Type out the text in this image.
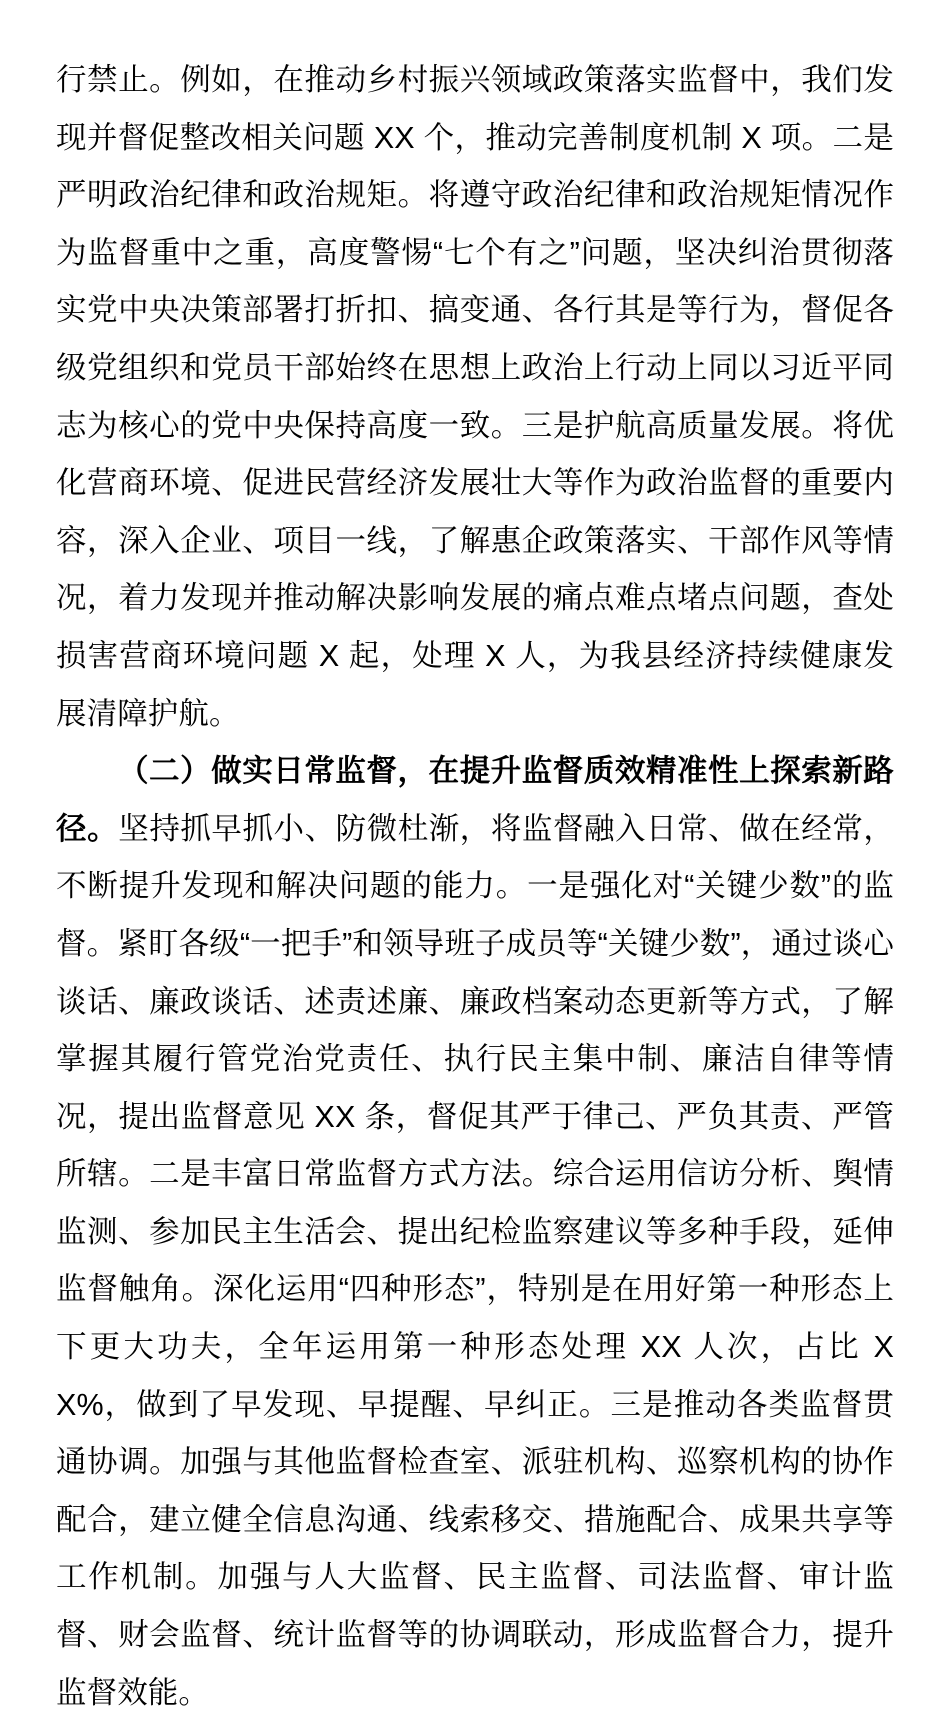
行禁止。例如，在推动乡村振兴领域政策落实监督中，我们发现并督促整改相关问题 XX 个，推动完善制度机制 X 项。二是严明政治纪律和政治规矩。将遵守政治纪律和政治规矩情况作为监督重中之重，高度警惕“七个有之”问题，坚决纠治贯彻落实党中央决策部署打折扣、搞变通、各行其是等行为，督促各级党组织和党员干部始终在思想上政治上行动上同以习近平同志为核心的党中央保持高度一致。三是护航高质量发展。将优化营商环境、促进民营经济发展壮大等作为政治监督的重要内容，深入企业、项目一线，了解惠企政策落实、干部作风等情况，着力发现并推动解决影响发展的痛点难点堵点问题，查处损害营商环境问题 X 起，处理 X 人，为我县经济持续健康发展清障护航。

（二）做实日常监督，在提升监督质效精准性上探索新路径。坚持抓早抓小、防微杜渐，将监督融入日常、做在经常，不断提升发现和解决问题的能力。一是强化对“关键少数”的监督。紧盯各级“一把手”和领导班子成员等“关键少数”，通过谈心谈话、廉政谈话、述责述廉、廉政档案动态更新等方式，了解掌握其履行管党治党责任、执行民主集中制、廉洁自律等情况，提出监督意见 XX 条，督促其严于律己、严负其责、严管所辖。二是丰富日常监督方式方法。综合运用信访分析、舆情监测、参加民主生活会、提出纪检监察建议等多种手段，延伸监督触角。深化运用“四种形态”，特别是在用好第一种形态上下更大功夫，全年运用第一种形态处理 XX 人次，占比 XX%，做到了早发现、早提醒、早纠正。三是推动各类监督贯通协调。加强与其他监督检查室、派驻机构、巡察机构的协作配合，建立健全信息沟通、线索移交、措施配合、成果共享等工作机制。加强与人大监督、民主监督、司法监督、审计监督、财会监督、统计监督等的协调联动，形成监督合力，提升监督效能。
